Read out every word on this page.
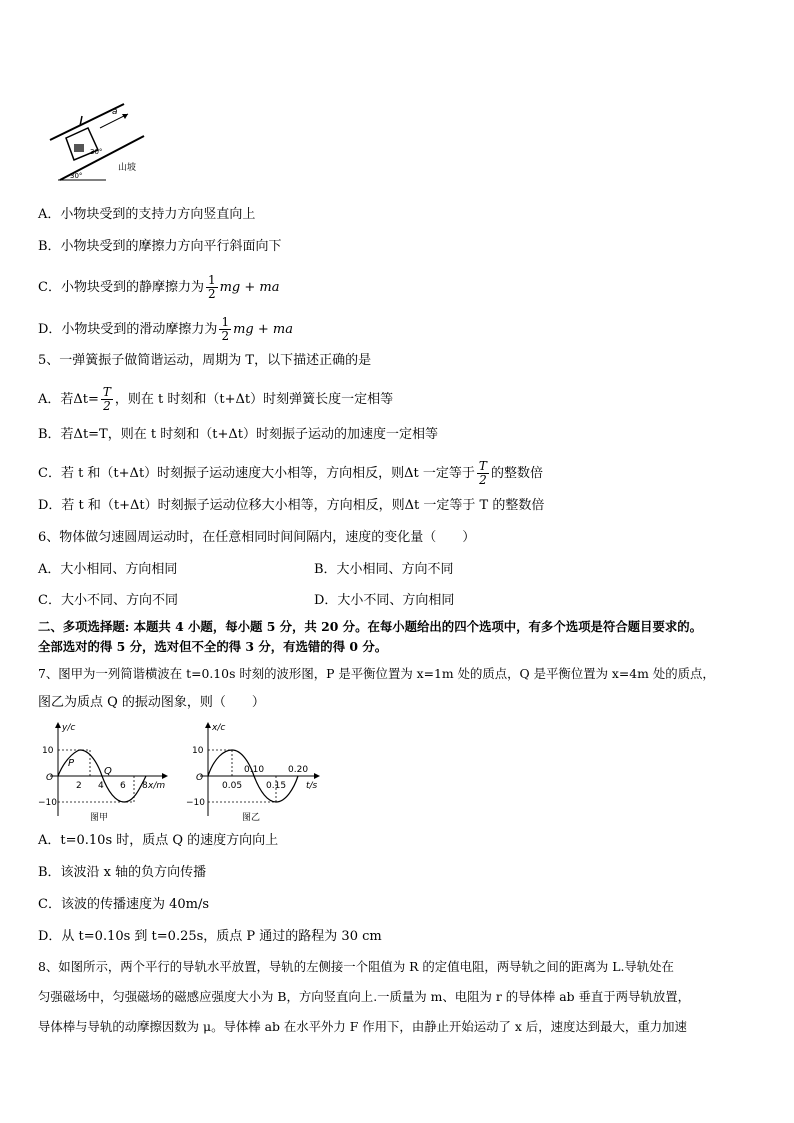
a
30°
30°
山坡
A．小物块受到的支持力方向竖直向上
B．小物块受到的摩擦力方向平行斜面向下
C．小物块受到的静摩擦力为 $\frac{1}{2}$ mg + ma
D．小物块受到的滑动摩擦力为 $\frac{1}{2}$ mg + ma
5、一弹簧振子做简谐运动，周期为 T，以下描述正确的是
A．若$\Delta t= \frac{T}{2}$ ，则在 t 时刻和（t+Δt）时刻弹簧长度一定相等
B．若Δt=T，则在 t 时刻和（t+Δt）时刻振子运动的加速度一定相等
C．若 t 和（t+Δt）时刻振子运动速度大小相等，方向相反，则Δt 一定等于 $\frac{T}{2}$ 的整数倍
D．若 t 和（t+Δt）时刻振子运动位移大小相等，方向相反，则Δt 一定等于 T 的整数倍
6、物体做匀速圆周运动时，在任意相同时间间隔内，速度的变化量（　　）
A．大小相同、方向相同	B．大小相同、方向不同
C．大小不同、方向不同	D．大小不同、方向相同
二、多项选择题: 本题共 4 小题，每小题 5 分，共 20 分。在每小题给出的四个选项中，有多个选项是符合题目要求的。
全部选对的得 5 分，选对但不全的得 3 分，有选错的得 0 分。
7、图甲为一列简谐横波在 t=0.10s 时刻的波形图，P 是平衡位置为 x=1m 处的质点，Q 是平衡位置为 x=4m 处的质点，
图乙为质点 Q 的振动图象，则（　　）
y/c
x/m
O
10
−10
2 4 6 8
P
Q
图甲
x/c
t/s
O
10
−10
0.05	0.15
0.10	0.20
图乙
A．t=0.10s 时，质点 Q 的速度方向向上
B．该波沿 x 轴的负方向传播
C．该波的传播速度为 40m/s
D．从 t=0.10s 到 t=0.25s，质点 P 通过的路程为 30 cm
8、如图所示，两个平行的导轨水平放置，导轨的左侧接一个阻值为 R 的定值电阻，两导轨之间的距离为 L.导轨处在
匀强磁场中，匀强磁场的磁感应强度大小为 B，方向竖直向上.一质量为 m、电阻为 r 的导体棒 ab 垂直于两导轨放置，
导体棒与导轨的动摩擦因数为 μ。导体棒 ab 在水平外力 F 作用下，由静止开始运动了 x 后，速度达到最大，重力加速
